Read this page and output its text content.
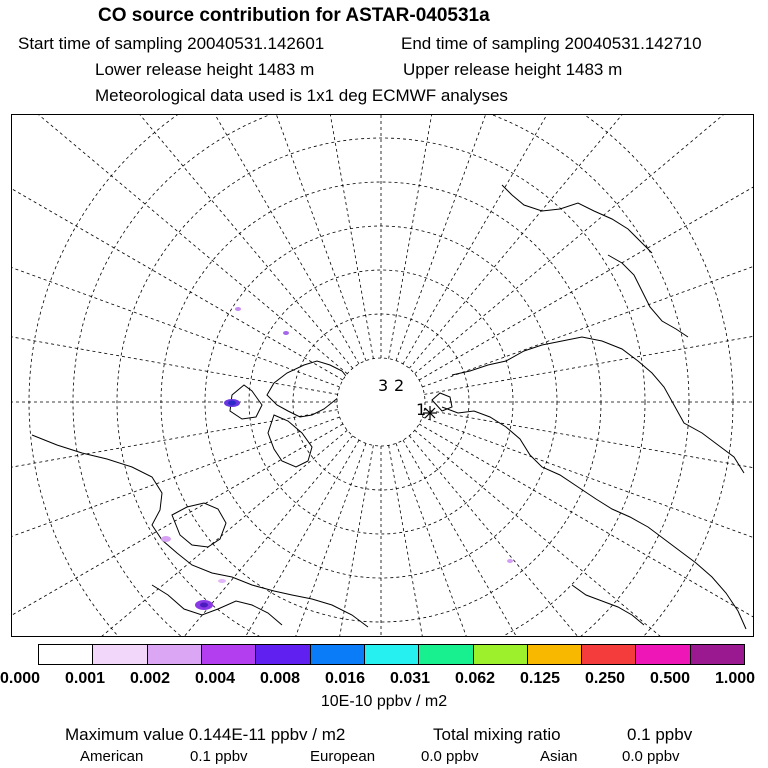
CO source contribution for ASTAR-040531a
Start time of sampling 20040531.142601	End time of sampling 20040531.142710
Lower release height 1483 m	Upper release height 1483 m
Meteorological data used is 1x1 deg ECMWF analyses
2
3
1
0.000 0.001 0.002 0.004 0.008 0.016 0.031 0.062 0.125 0.250 0.500 1.000
10E-10 ppbv / m2
Maximum value 0.144E-11 ppbv / m2	Total mixing ratio	0.1 ppbv
American	0.1 ppbv	European	0.0 ppbv	Asian	0.0 ppbv
